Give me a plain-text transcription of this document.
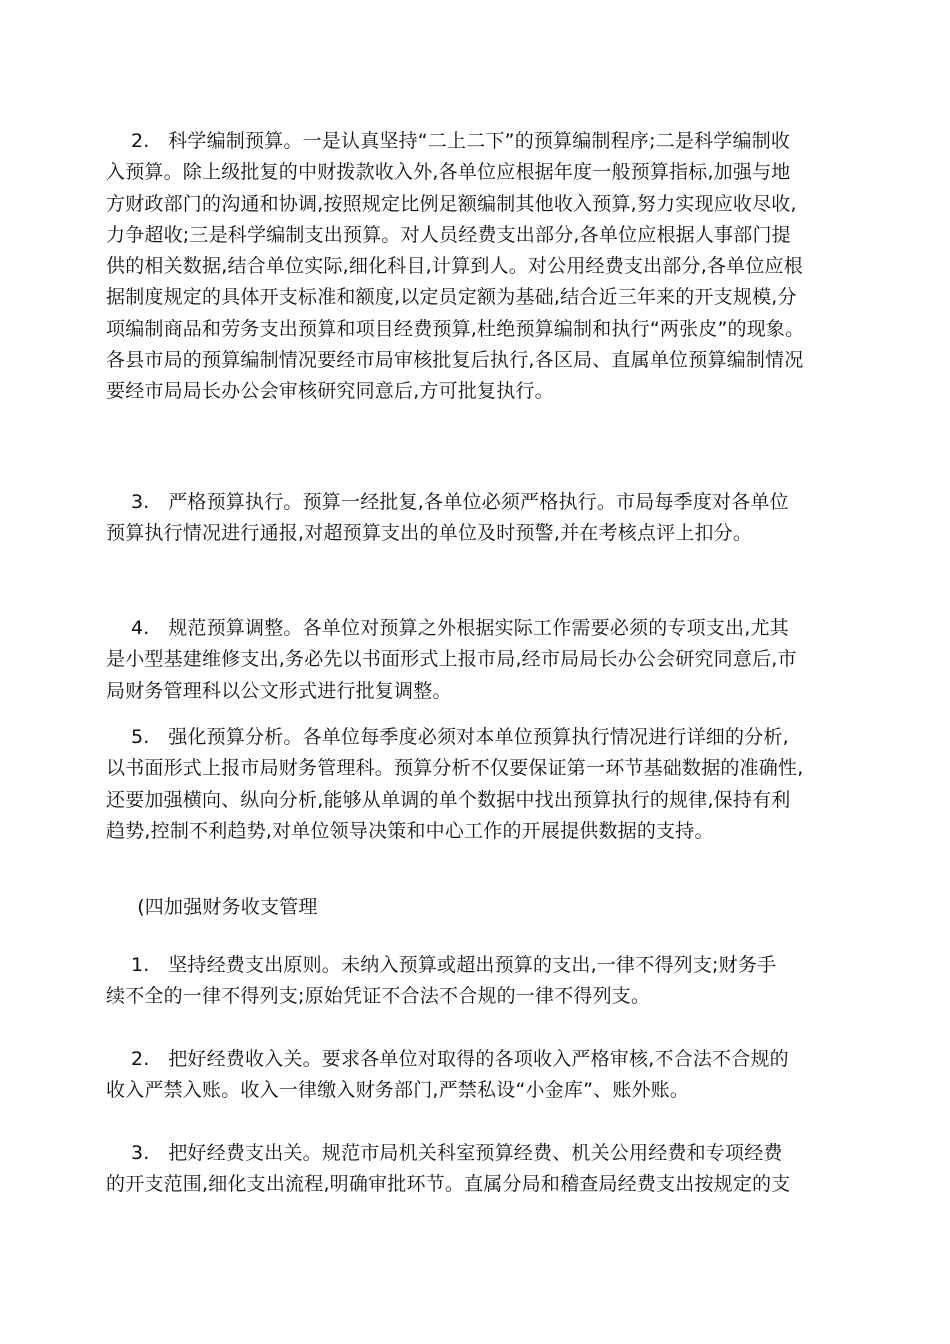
2.   科学编制预算。一是认真坚持“二上二下”的预算编制程序;二是科学编制收
入预算。除上级批复的中财拨款收入外,各单位应根据年度一般预算指标,加强与地
方财政部门的沟通和协调,按照规定比例足额编制其他收入预算,努力实现应收尽收,
力争超收;三是科学编制支出预算。对人员经费支出部分,各单位应根据人事部门提
供的相关数据,结合单位实际,细化科目,计算到人。对公用经费支出部分,各单位应根
据制度规定的具体开支标准和额度,以定员定额为基础,结合近三年来的开支规模,分
项编制商品和劳务支出预算和项目经费预算,杜绝预算编制和执行“两张皮”的现象。
各县市局的预算编制情况要经市局审核批复后执行,各区局、直属单位预算编制情况
要经市局局长办公会审核研究同意后,方可批复执行。

3.   严格预算执行。预算一经批复,各单位必须严格执行。市局每季度对各单位
预算执行情况进行通报,对超预算支出的单位及时预警,并在考核点评上扣分。

4.   规范预算调整。各单位对预算之外根据实际工作需要必须的专项支出,尤其
是小型基建维修支出,务必先以书面形式上报市局,经市局局长办公会研究同意后,市
局财务管理科以公文形式进行批复调整。

5.   强化预算分析。各单位每季度必须对本单位预算执行情况进行详细的分析,
以书面形式上报市局财务管理科。预算分析不仅要保证第一环节基础数据的准确性,
还要加强横向、纵向分析,能够从单调的单个数据中找出预算执行的规律,保持有利
趋势,控制不利趋势,对单位领导决策和中心工作的开展提供数据的支持。

(四加强财务收支管理

1.   坚持经费支出原则。未纳入预算或超出预算的支出,一律不得列支;财务手
续不全的一律不得列支;原始凭证不合法不合规的一律不得列支。

2.   把好经费收入关。要求各单位对取得的各项收入严格审核,不合法不合规的
收入严禁入账。收入一律缴入财务部门,严禁私设“小金库”、账外账。

3.   把好经费支出关。规范市局机关科室预算经费、机关公用经费和专项经费
的开支范围,细化支出流程,明确审批环节。直属分局和稽查局经费支出按规定的支
